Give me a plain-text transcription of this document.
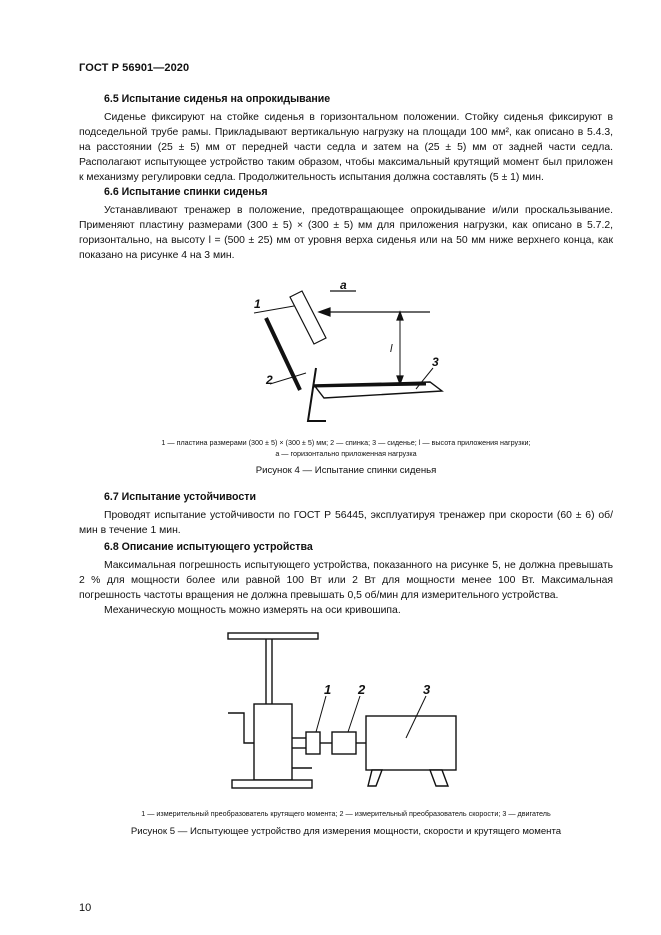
ГОСТ Р 56901—2020
6.5 Испытание сиденья на опрокидывание

Сиденье фиксируют на стойке сиденья в горизонтальном положении. Стойку сиденья фиксируют в подседельной трубе рамы. Прикладывают вертикальную нагрузку на площади 100 мм², как описано в 5.4.3, на расстоянии (25 ± 5) мм от передней части седла и затем на (25 ± 5) мм от задней части седла. Располагают испытующее устройство таким образом, чтобы максимальный крутящий момент был приложен к механизму регулировки седла. Продолжительность испытания должна составлять (5 ± 1) мин.

6.6 Испытание спинки сиденья

Устанавливают тренажер в положение, предотвращающее опрокидывание и/или проскальзывание. Применяют пластину размерами (300 ± 5) × (300 ± 5) мм для приложения нагрузки, как описано в 5.7.2, горизонтально, на высоту l = (500 ± 25) мм от уровня верха сиденья или на 50 мм ниже верхнего конца, как показано на рисунке 4 на 3 мин.

1
2
3
a
l
1 — пластина размерами (300 ± 5) × (300 ± 5) мм; 2 — спинка; 3 — сиденье; l — высота приложения нагрузки;
a — горизонтально приложенная нагрузка
Рисунок 4 — Испытание спинки сиденья
6.7 Испытание устойчивости

Проводят испытание устойчивости по ГОСТ Р 56445, эксплуатируя тренажер при скорости (60 ± 6) об/мин в течение 1 мин.

6.8 Описание испытующего устройства

Максимальная погрешность испытующего устройства, показанного на рисунке 5, не должна превышать 2 % для мощности более или равной 100 Вт или 2 Вт для мощности менее 100 Вт. Максимальная погрешность частоты вращения не должна превышать 0,5 об/мин для измерительного устройства.

Механическую мощность можно измерять на оси кривошипа.

1 2	3
1 — измерительный преобразователь крутящего момента; 2 — измерительный преобразователь скорости; 3 — двигатель
Рисунок 5 — Испытующее устройство для измерения мощности, скорости и крутящего момента
10
